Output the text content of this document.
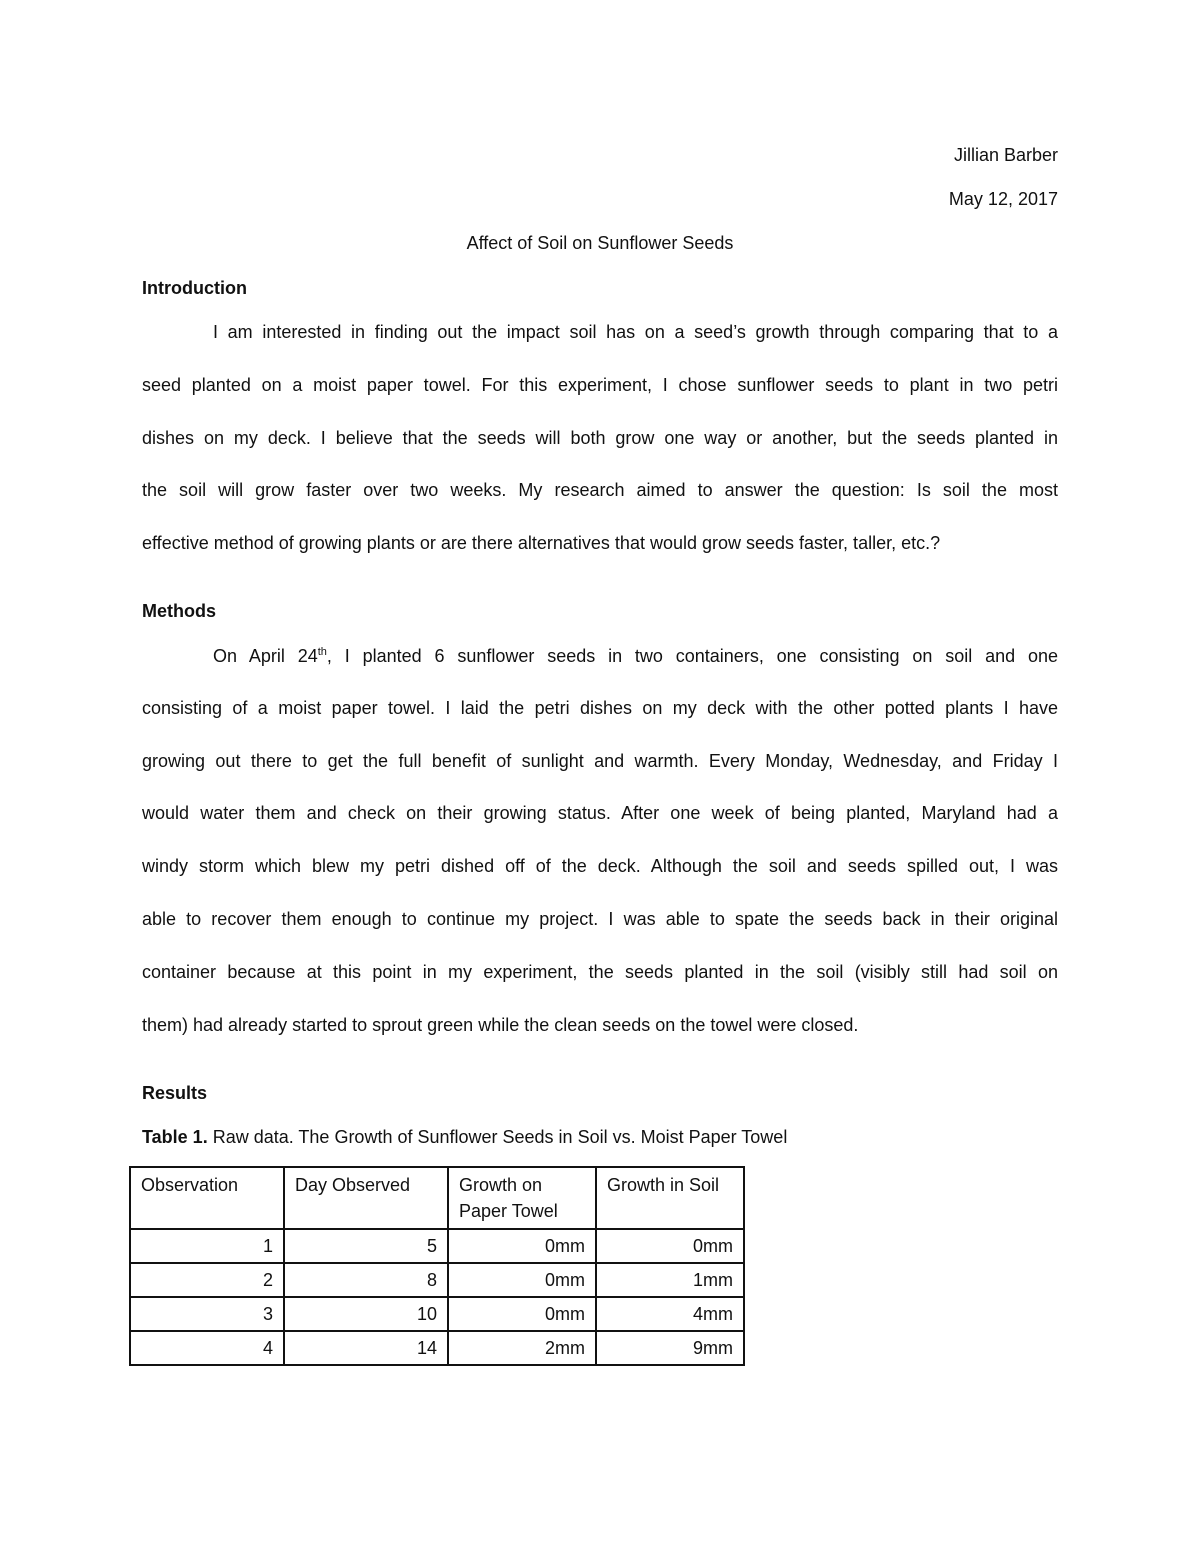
Jillian Barber
May 12, 2017
Affect of Soil on Sunflower Seeds
Introduction
I am interested in finding out the impact soil has on a seed’s growth through comparing that to a
seed planted on a moist paper towel. For this experiment, I chose sunflower seeds to plant in two petri
dishes on my deck. I believe that the seeds will both grow one way or another, but the seeds planted in
the soil will grow faster over two weeks. My research aimed to answer the question: Is soil the most
effective method of growing plants or are there alternatives that would grow seeds faster, taller, etc.?
Methods
On April 24th, I planted 6 sunflower seeds in two containers, one consisting on soil and one
consisting of a moist paper towel. I laid the petri dishes on my deck with the other potted plants I have
growing out there to get the full benefit of sunlight and warmth. Every Monday, Wednesday, and Friday I
would water them and check on their growing status. After one week of being planted, Maryland had a
windy storm which blew my petri dished off of the deck. Although the soil and seeds spilled out, I was
able to recover them enough to continue my project. I was able to spate the seeds back in their original
container because at this point in my experiment, the seeds planted in the soil (visibly still had soil on
them) had already started to sprout green while the clean seeds on the towel were closed.
Results
Table 1. Raw data. The Growth of Sunflower Seeds in Soil vs. Moist Paper Towel
Observation	Day Observed	Growth on Paper Towel	Growth in Soil
1	5	0mm	0mm
2	8	0mm	1mm
3	10	0mm	4mm
4	14	2mm	9mm
